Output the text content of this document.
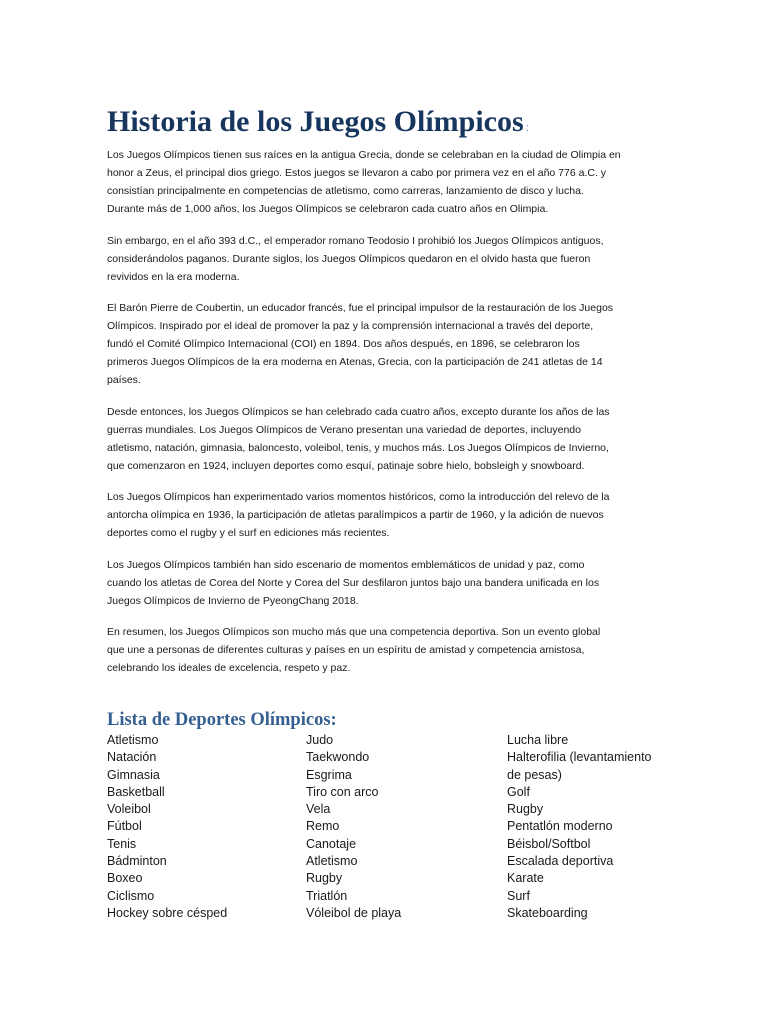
Historia de los Juegos Olímpicos :

Los Juegos Olímpicos tienen sus raíces en la antigua Grecia, donde se celebraban en la ciudad de Olimpia en
honor a Zeus, el principal dios griego. Estos juegos se llevaron a cabo por primera vez en el año 776 a.C. y
consistían principalmente en competencias de atletismo, como carreras, lanzamiento de disco y lucha.
Durante más de 1,000 años, los Juegos Olímpicos se celebraron cada cuatro años en Olimpia.

Sin embargo, en el año 393 d.C., el emperador romano Teodosio I prohibió los Juegos Olímpicos antiguos,
considerándolos paganos. Durante siglos, los Juegos Olímpicos quedaron en el olvido hasta que fueron
revividos en la era moderna.

El Barón Pierre de Coubertin, un educador francés, fue el principal impulsor de la restauración de los Juegos
Olímpicos. Inspirado por el ideal de promover la paz y la comprensión internacional a través del deporte,
fundó el Comité Olímpico Internacional (COI) en 1894. Dos años después, en 1896, se celebraron los
primeros Juegos Olímpicos de la era moderna en Atenas, Grecia, con la participación de 241 atletas de 14
países.

Desde entonces, los Juegos Olímpicos se han celebrado cada cuatro años, excepto durante los años de las
guerras mundiales. Los Juegos Olímpicos de Verano presentan una variedad de deportes, incluyendo
atletismo, natación, gimnasia, baloncesto, voleibol, tenis, y muchos más. Los Juegos Olímpicos de Invierno,
que comenzaron en 1924, incluyen deportes como esquí, patinaje sobre hielo, bobsleigh y snowboard.

Los Juegos Olímpicos han experimentado varios momentos históricos, como la introducción del relevo de la
antorcha olímpica en 1936, la participación de atletas paralímpicos a partir de 1960, y la adición de nuevos
deportes como el rugby y el surf en ediciones más recientes.

Los Juegos Olímpicos también han sido escenario de momentos emblemáticos de unidad y paz, como
cuando los atletas de Corea del Norte y Corea del Sur desfilaron juntos bajo una bandera unificada en los
Juegos Olímpicos de Invierno de PyeongChang 2018.

En resumen, los Juegos Olímpicos son mucho más que una competencia deportiva. Son un evento global
que une a personas de diferentes culturas y países en un espíritu de amistad y competencia amistosa,
celebrando los ideales de excelencia, respeto y paz.

Lista de Deportes Olímpicos:
Atletismo
Natación
Gimnasia
Basketball
Voleibol
Fútbol
Tenis
Bádminton
Boxeo
Ciclismo
Hockey sobre césped
Judo
Taekwondo
Esgrima
Tiro con arco
Vela
Remo
Canotaje
Atletismo
Rugby
Triatlón
Vóleibol de playa
Lucha libre
Halterofilia (levantamiento de pesas)
Golf
Rugby
Pentatlón moderno
Béisbol/Softbol
Escalada deportiva
Karate
Surf
Skateboarding
